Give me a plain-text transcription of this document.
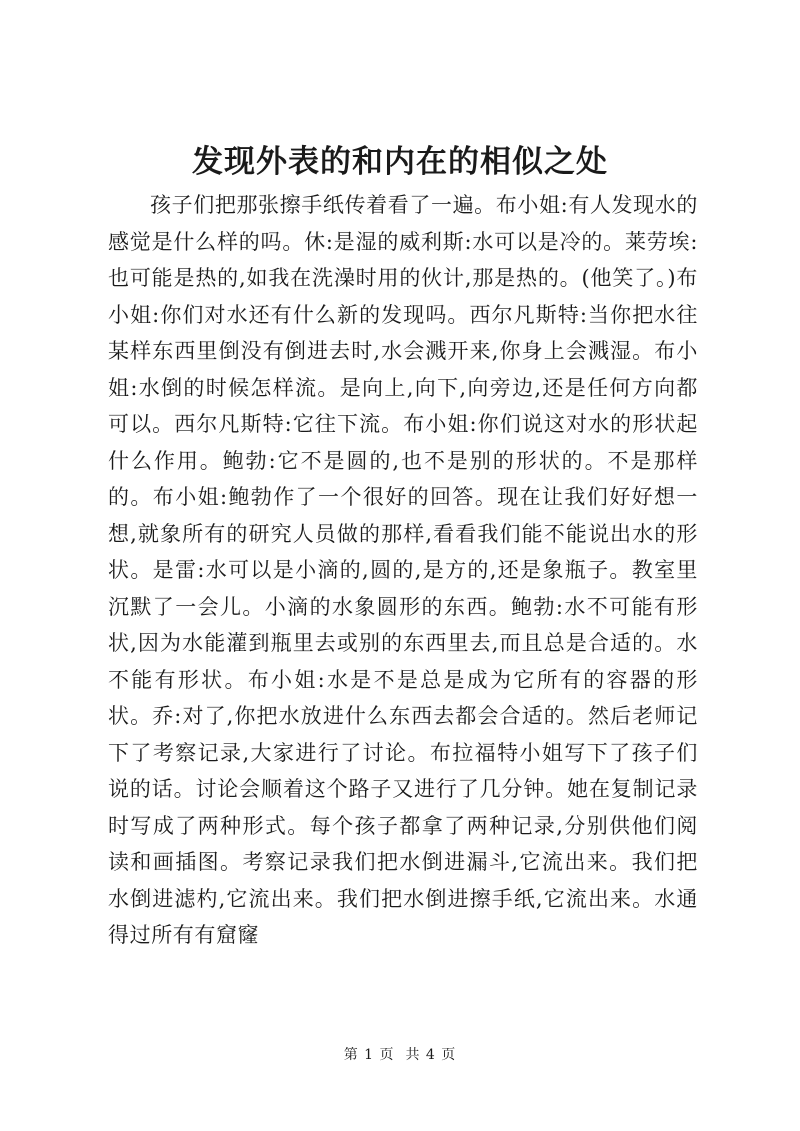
发现外表的和内在的相似之处

孩子们把那张擦手纸传着看了一遍。布小姐:有人发现水的感觉是什么样的吗。休:是湿的威利斯:水可以是冷的。莱劳埃:也可能是热的,如我在洗澡时用的伙计,那是热的。(他笑了。)布小姐:你们对水还有什么新的发现吗。西尔凡斯特:当你把水往某样东西里倒没有倒进去时,水会溅开来,你身上会溅湿。布小姐:水倒的时候怎样流。是向上,向下,向旁边,还是任何方向都可以。西尔凡斯特:它往下流。布小姐:你们说这对水的形状起什么作用。鲍勃:它不是圆的,也不是别的形状的。不是那样的。布小姐:鲍勃作了一个很好的回答。现在让我们好好想一想,就象所有的研究人员做的那样,看看我们能不能说出水的形状。是雷:水可以是小滴的,圆的,是方的,还是象瓶子。教室里沉默了一会儿。小滴的水象圆形的东西。鲍勃:水不可能有形状,因为水能灌到瓶里去或别的东西里去,而且总是合适的。水不能有形状。布小姐:水是不是总是成为它所有的容器的形状。乔:对了,你把水放进什么东西去都会合适的。然后老师记下了考察记录,大家进行了讨论。布拉福特小姐写下了孩子们说的话。讨论会顺着这个路子又进行了几分钟。她在复制记录时写成了两种形式。每个孩子都拿了两种记录,分别供他们阅读和画插图。考察记录我们把水倒进漏斗,它流出来。我们把水倒进滤杓,它流出来。我们把水倒进擦手纸,它流出来。水通得过所有有窟窿

第 1 页  共 4 页
